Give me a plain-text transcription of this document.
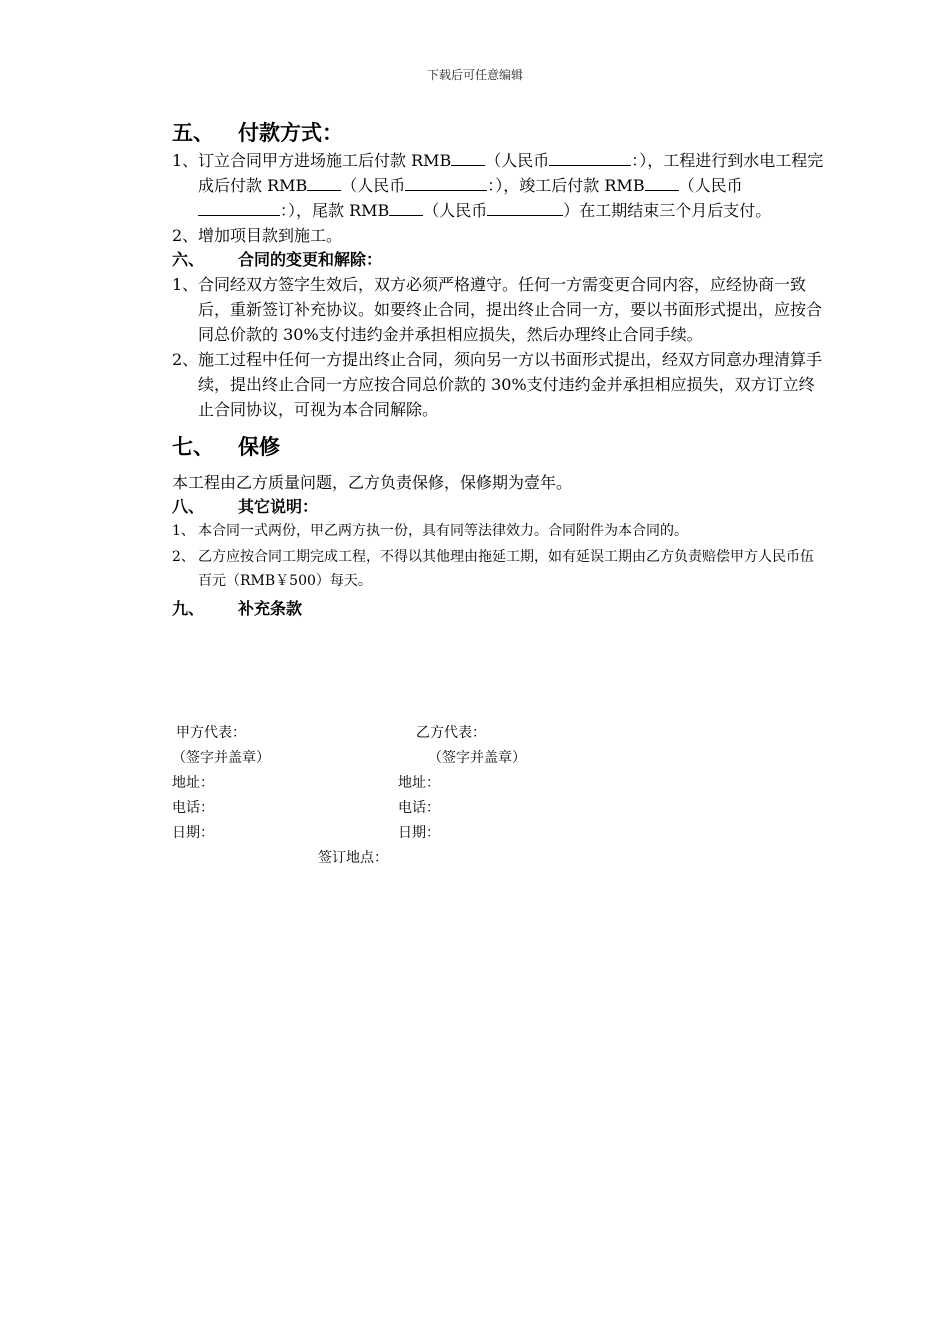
下载后可任意编辑
五、 付款方式：
1、 订立合同甲方进场施工后付款 RMB （人民币	：），工程进行到水电工程完成后付款 RMB （人民币	：），竣工后付款 RMB （人民币：），尾款 RMB （人民币	）在工期结束三个月后支付。
2、 增加项目款到施工。
六、 合同的变更和解除：
1、 合同经双方签字生效后，双方必须严格遵守。任何一方需变更合同内容，应经协商一致后，重新签订补充协议。如要终止合同，提出终止合同一方，要以书面形式提出，应按合同总价款的 30%支付违约金并承担相应损失，然后办理终止合同手续。
2、 施工过程中任何一方提出终止合同，须向另一方以书面形式提出，经双方同意办理清算手续，提出终止合同一方应按合同总价款的 30%支付违约金并承担相应损失，双方订立终止合同协议，可视为本合同解除。
七、 保修
本工程由乙方质量问题，乙方负责保修，保修期为壹年。
八、 其它说明：
1、 本合同一式两份，甲乙两方执一份，具有同等法律效力。合同附件为本合同的。
2、 乙方应按合同工期完成工程，不得以其他理由拖延工期，如有延误工期由乙方负责赔偿甲方人民币伍百元（RMB￥500）每天。
九、 补充条款
甲方代表：	乙方代表：
（签字并盖章）	（签字并盖章）
地址：	地址：
电话：	电话：
日期：	日期：
签订地点：
